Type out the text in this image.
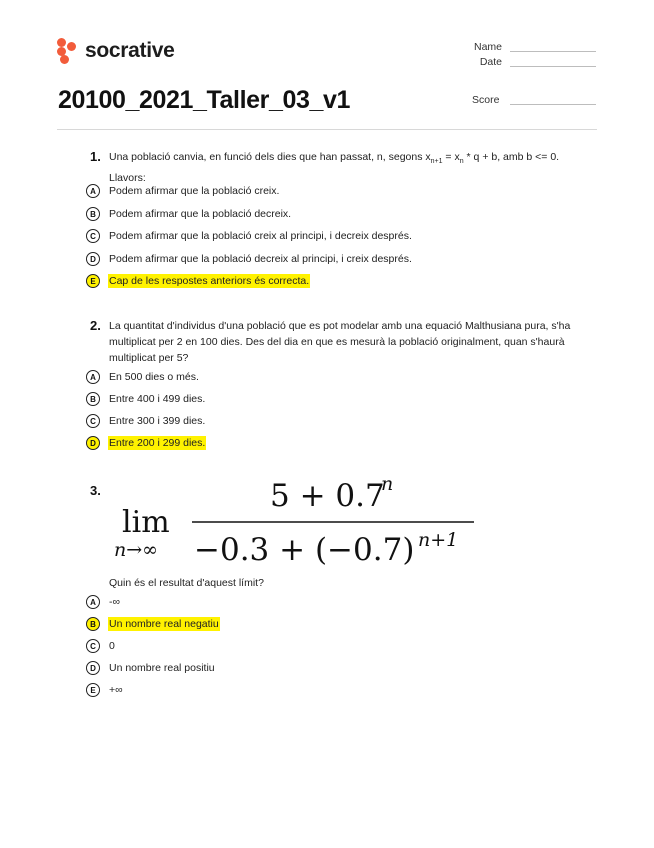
socrative	Name
Date
Score
20100_2021_Taller_03_v1
1. Una població canvia, en funció dels dies que han passat, n, segons $x_{n+1} = x_n * q + b$, amb b <= 0. Llavors:
A	Podem afirmar que la població creix.
B	Podem afirmar que la població decreix.
C	Podem afirmar que la població creix al principi, i decreix després.
D	Podem afirmar que la població decreix al principi, i creix després.
E	Cap de les respostes anteriors és correcta.
2. La quantitat d'individus d'una població que es pot modelar amb una equació Malthusiana pura, s'ha multiplicat per 2 en 100 dies. Des del dia en que es mesurà la població originalment, quan s'haurà multiplicat per 5?
A	En 500 dies o més.
B	Entre 400 i 499 dies.
C	Entre 300 i 399 dies.
D	Entre 200 i 299 dies.
3.
lim
n→∞
5 + 0.7
n
−0.3 + (−0.7) n+1
Quin és el resultat d'aquest límit?
A	-∞
B	Un nombre real negatiu
C	0
D	Un nombre real positiu
E	+∞
